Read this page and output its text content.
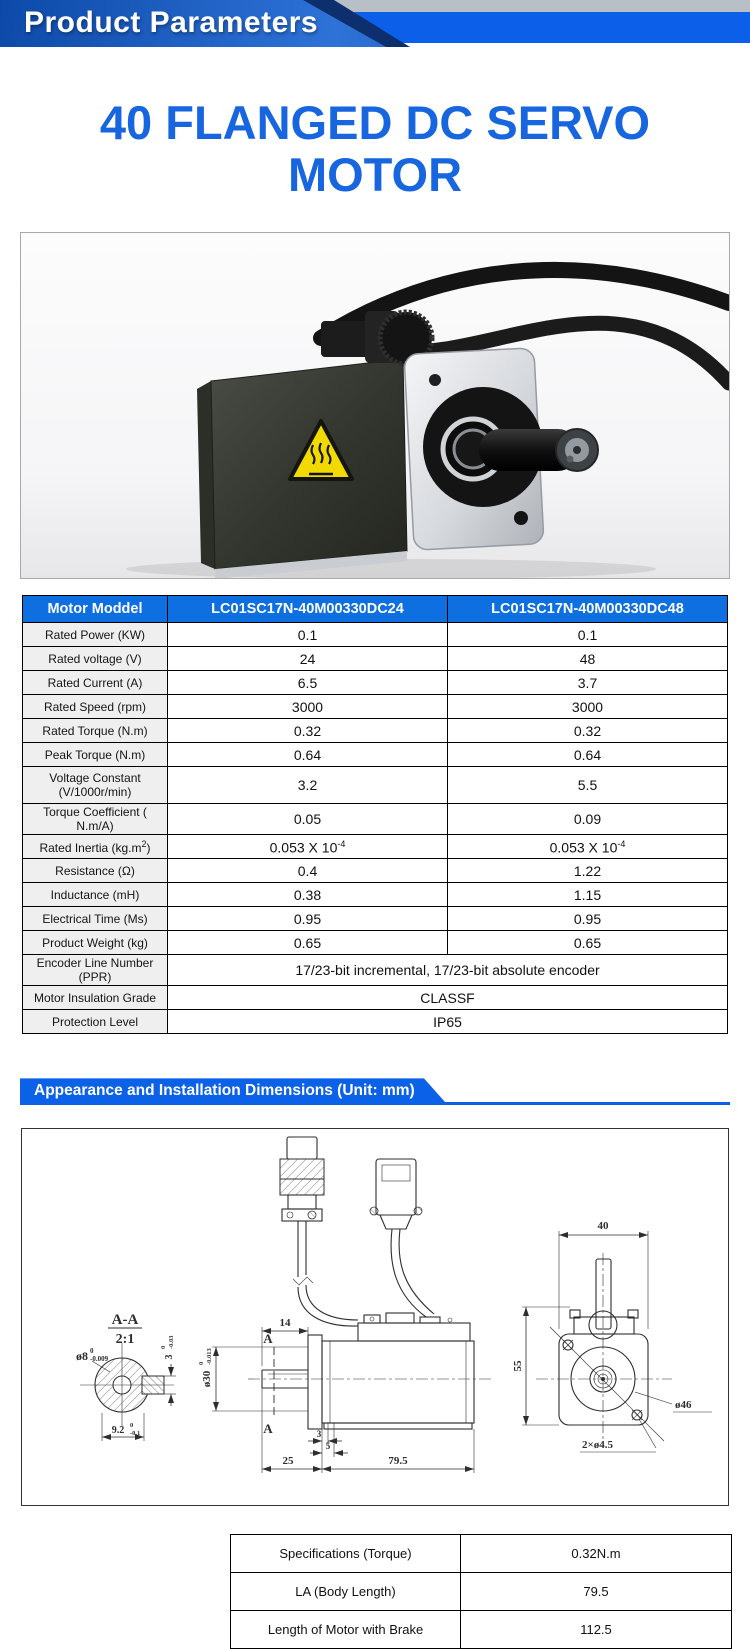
Product Parameters
40 FLANGED DC SERVO MOTOR
Motor Moddel	LC01SC17N-40M00330DC24	LC01SC17N-40M00330DC48
Rated Power (KW)	0.1	0.1
Rated voltage (V)	24	48
Rated Current (A)	6.5	3.7
Rated Speed (rpm)	3000	3000
Rated Torque (N.m)	0.32	0.32
Peak Torque (N.m)	0.64	0.64
Voltage Constant
(V/1000r/min)	3.2	5.5
Torque Coefficient ( N.m/A)	0.05	0.09
Rated Inertia $(kg.m^2)$	0.053 X $10^{-4}$	0.053 X $10^{-4}$
Resistance (Ω)	0.4	1.22
Inductance (mH)	0.38	1.15
Electrical Time (Ms)	0.95	0.95
Product Weight (kg)	0.65	0.65
Encoder Line Number (PPR)	17/23-bit incremental, 17/23-bit absolute encoder	
Motor Insulation Grade	CLASSF	
Protection Level	IP65	
Appearance and Installation Dimensions (Unit: mm)
A-A
2:1
ø8 0
-0.009	3
0 -0.03
9.2 0
-0.1
A
A
14
ø30
0 -0.013
3
5
25	79.5
40
55
ø46
2×ø4.5
Specifications (Torque)	0.32N.m
LA (Body Length)	79.5
Length of Motor with Brake	112.5
